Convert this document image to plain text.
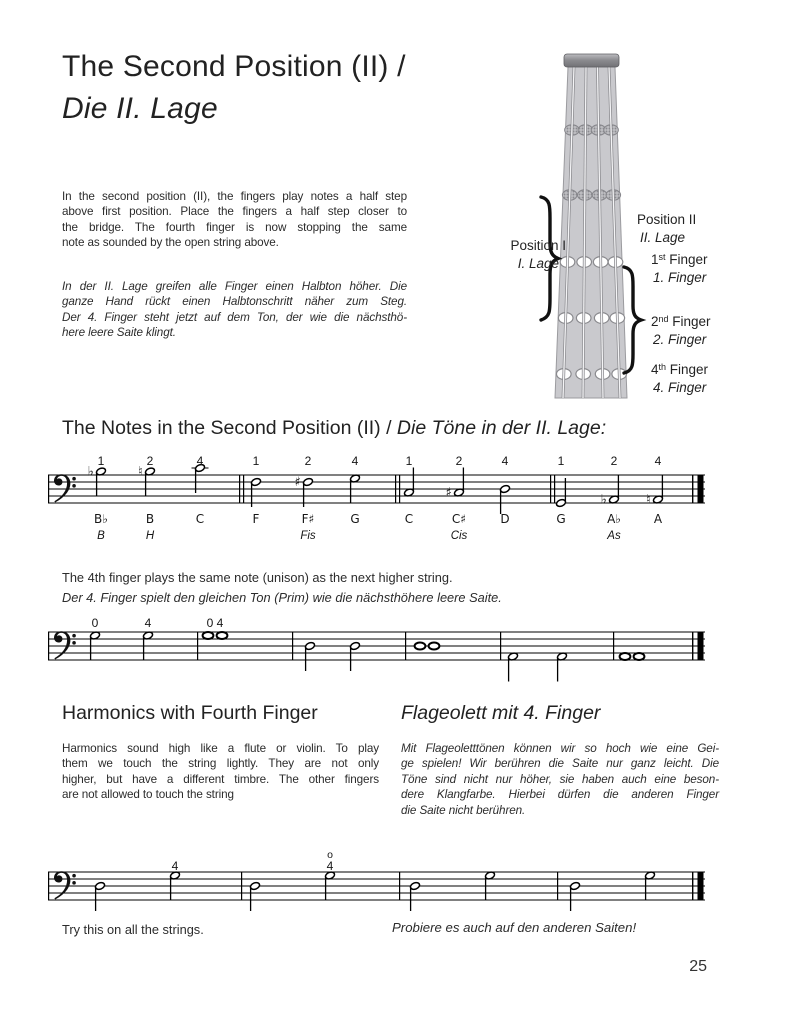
The Second Position (II) /
Die II. Lage
In the second position (II), the fingers play notes a half step
above first position. Place the fingers a half step closer to
the bridge. The fourth finger is now stopping the same
note as sounded by the open string above.
In der II. Lage greifen alle Finger einen Halbton höher. Die
ganze Hand rückt einen Halbtonschritt näher zum Steg.
Der 4. Finger steht jetzt auf dem Ton, der wie die nächsthö-
here leere Saite klingt.
Position I
I. Lage
Position II
II. Lage
1st Finger
1. Finger
2nd Finger
2. Finger
4th Finger
4. Finger
The Notes in the Second Position (II) / Die Töne in der II. Lage:
♭
1
B♭
B
♮
2
B
H
4
C
1
F
♯
2
F♯
Fis
4
G
1
C
♯
2
C♯
Cis
4
D
1
G
♭
2
A♭
As
♮
4
A
The 4th finger plays the same note (unison) as the next higher string.
Der 4. Finger spielt den gleichen Ton (Prim) wie die nächsthöhere leere Saite.
0	4	0 4
Harmonics with Fourth Finger	Flageolett mit 4. Finger
Harmonics sound high like a flute or violin. To play
them we touch the string lightly. They are not only
higher, but have a different timbre. The other fingers
are not allowed to touch the string
Mit Flageoletttönen können wir so hoch wie eine Gei-
ge spielen! Wir berühren die Saite nur ganz leicht. Die
Töne sind nicht nur höher, sie haben auch eine beson-
dere Klangfarbe. Hierbei dürfen die anderen Finger
die Saite nicht berühren.
4	4
o
Try this on all the strings.	Probiere es auch auf den anderen Saiten!
25
